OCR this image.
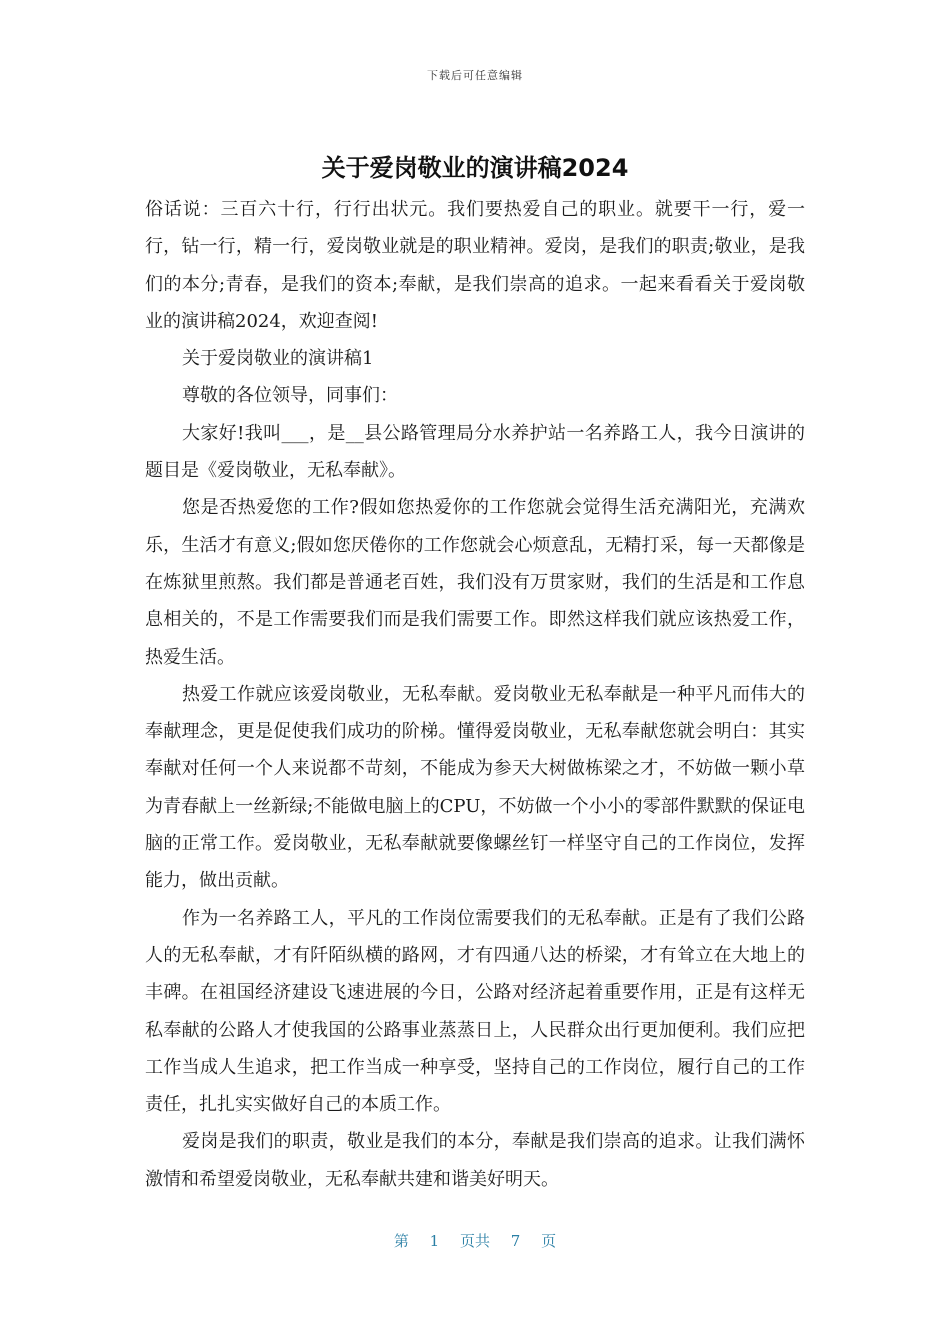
下载后可任意编辑
关于爱岗敬业的演讲稿2024

俗话说：三百六十行，行行出状元。我们要热爱自己的职业。就要干一行，爱一行，钻一行，精一行，爱岗敬业就是的职业精神。爱岗，是我们的职责;敬业，是我们的本分;青春，是我们的资本;奉献，是我们崇高的追求。一起来看看关于爱岗敬业的演讲稿2024，欢迎查阅!

关于爱岗敬业的演讲稿1

尊敬的各位领导，同事们：

大家好!我叫___，是__县公路管理局分水养护站一名养路工人，我今日演讲的题目是《爱岗敬业，无私奉献》。

您是否热爱您的工作?假如您热爱你的工作您就会觉得生活充满阳光，充满欢乐，生活才有意义;假如您厌倦你的工作您就会心烦意乱，无精打采，每一天都像是在炼狱里煎熬。我们都是普通老百姓，我们没有万贯家财，我们的生活是和工作息息相关的，不是工作需要我们而是我们需要工作。即然这样我们就应该热爱工作，热爱生活。

热爱工作就应该爱岗敬业，无私奉献。爱岗敬业无私奉献是一种平凡而伟大的奉献理念，更是促使我们成功的阶梯。懂得爱岗敬业，无私奉献您就会明白：其实奉献对任何一个人来说都不苛刻，不能成为参天大树做栋梁之才，不妨做一颗小草为青春献上一丝新绿;不能做电脑上的CPU，不妨做一个小小的零部件默默的保证电脑的正常工作。爱岗敬业，无私奉献就要像螺丝钉一样坚守自己的工作岗位，发挥能力，做出贡献。

作为一名养路工人，平凡的工作岗位需要我们的无私奉献。正是有了我们公路人的无私奉献，才有阡陌纵横的路网，才有四通八达的桥梁，才有耸立在大地上的丰碑。在祖国经济建设飞速进展的今日，公路对经济起着重要作用，正是有这样无私奉献的公路人才使我国的公路事业蒸蒸日上，人民群众出行更加便利。我们应把工作当成人生追求，把工作当成一种享受，坚持自己的工作岗位，履行自己的工作责任，扎扎实实做好自己的本质工作。

爱岗是我们的职责，敬业是我们的本分，奉献是我们崇高的追求。让我们满怀激情和希望爱岗敬业，无私奉献共建和谐美好明天。

第 1 页共 7 页
